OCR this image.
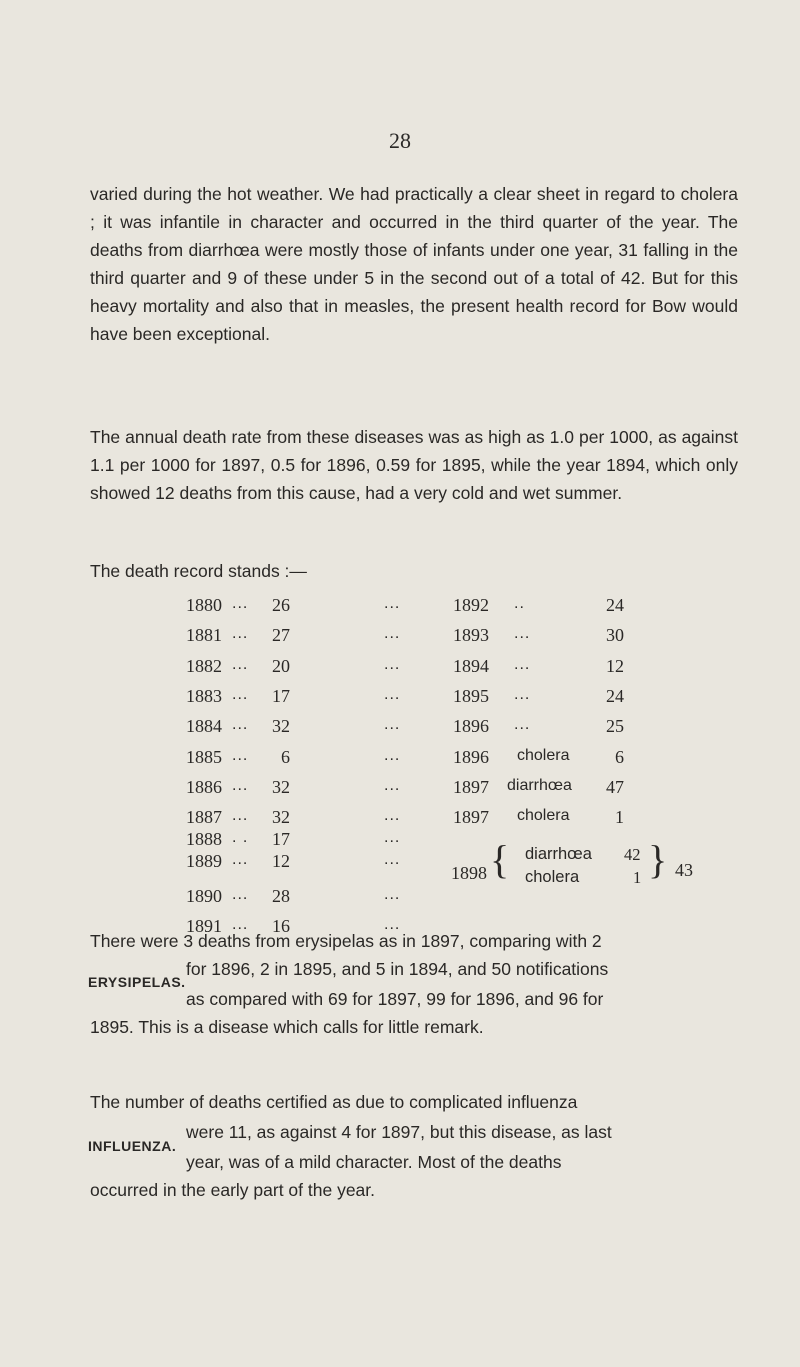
28

varied during the hot weather. We had practically a clear sheet in regard to cholera ; it was infantile in character and occurred in the third quarter of the year. The deaths from diarrhœa were mostly those of infants under one year, 31 falling in the third quarter and 9 of these under 5 in the second out of a total of 42. But for this heavy mortality and also that in measles, the present health record for Bow would have been exceptional.

The annual death rate from these diseases was as high as 1.0 per 1000, as against 1.1 per 1000 for 1897, 0.5 for 1896, 0.59 for 1895, while the year 1894, which only showed 12 deaths from this cause, had a very cold and wet summer.

The death record stands :—

1880 ...	26	...
1881 ...	27	...
1882 ...	20	...
1883 ...	17	...
1884 ...	32	...
1885 ...	6	...
1886 ...	32	...
1887 ...	32	...
1888 . .	17	...
1889 ...	12	...
1890 ...	28	...
1891 ...	16	...
1892 ..	24
1893 ...	30
1894 ...	12
1895 ...	24
1896 ...	25
1896 cholera	6
1897 diarrhœa	47
1897 cholera	1
1898 { diarrhœa 42
cholera	1 } 43
There were 3 deaths from erysipelas as in 1897, comparing with 2
for 1896, 2 in 1895, and 5 in 1894, and 50 notifications
ERYSIPELAS.
as compared with 69 for 1897, 99 for 1896, and 96 for
1895. This is a disease which calls for little remark.
The number of deaths certified as due to complicated influenza
were 11, as against 4 for 1897, but this disease, as last
INFLUENZA.
year, was of a mild character. Most of the deaths
occurred in the early part of the year.
